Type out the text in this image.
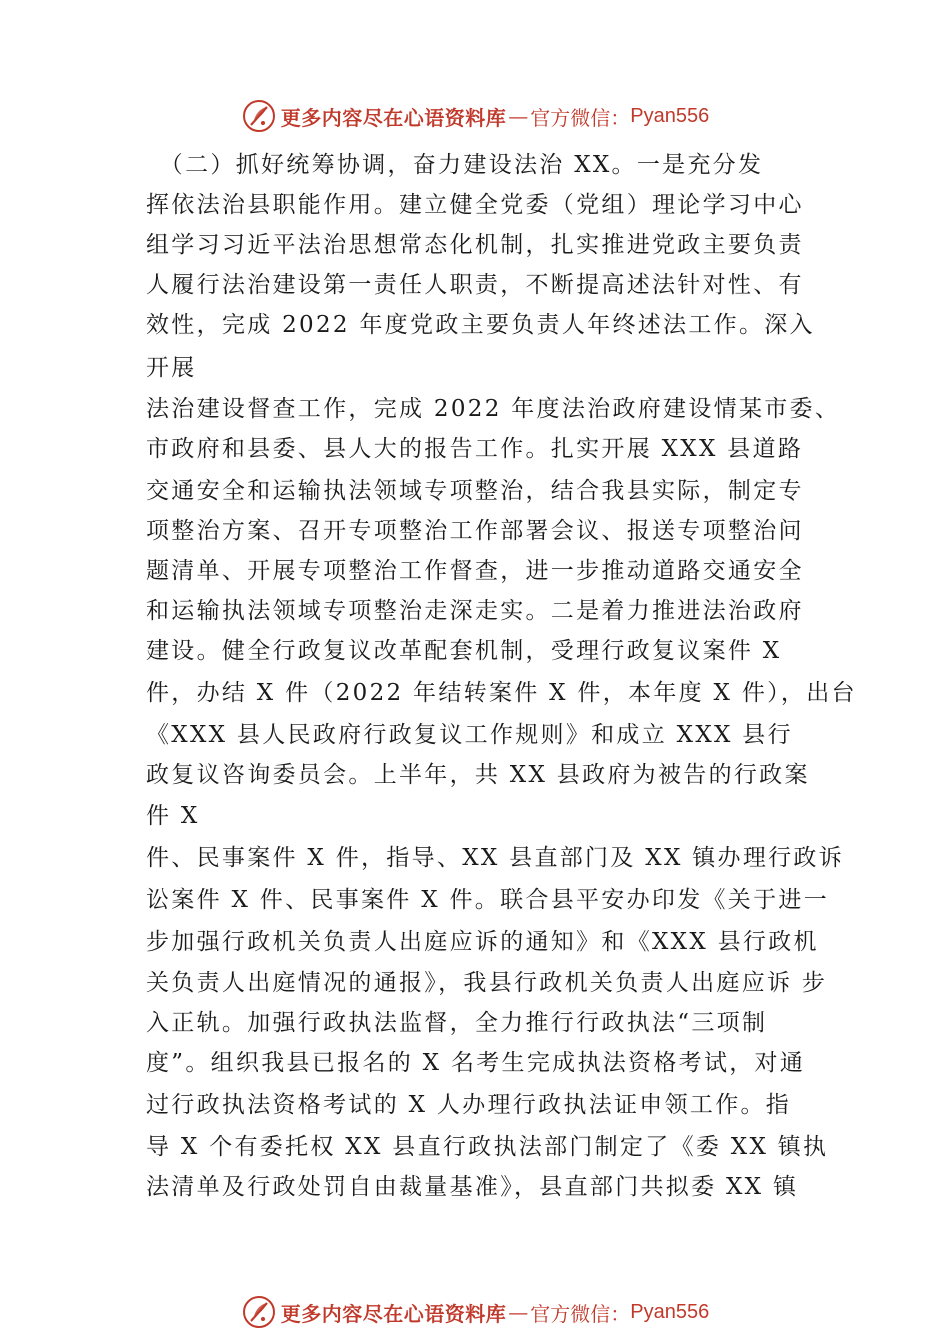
更多内容尽在心语资料库 — 官方微信： Pyan556
　（二）抓好统筹协调，奋力建设法治 XX。一是充分发
挥依法治县职能作用。建立健全党委（党组）理论学习中心
组学习习近平法治思想常态化机制，扎实推进党政主要负责
人履行法治建设第一责任人职责，不断提高述法针对性、有
效性，完成 2022 年度党政主要负责人年终述法工作。深入
开展
法治建设督查工作，完成 2022 年度法治政府建设情某市委、
市政府和县委、县人大的报告工作。扎实开展 XXX 县道路
交通安全和运输执法领域专项整治，结合我县实际，制定专
项整治方案、召开专项整治工作部署会议、报送专项整治问
题清单、开展专项整治工作督查，进一步推动道路交通安全
和运输执法领域专项整治走深走实。二是着力推进法治政府
建设。健全行政复议改革配套机制，受理行政复议案件 X
件，办结 X 件（2022 年结转案件 X 件，本年度 X 件），出台
《XXX 县人民政府行政复议工作规则》和成立 XXX 县行
政复议咨询委员会。上半年，共 XX 县政府为被告的行政案
件 X
件、民事案件 X 件，指导、XX 县直部门及 XX 镇办理行政诉
讼案件 X 件、民事案件 X 件。联合县平安办印发《关于进一
步加强行政机关负责人出庭应诉的通知》和《XXX 县行政机
关负责人出庭情况的通报》，我县行政机关负责人出庭应诉 步
入正轨。加强行政执法监督，全力推行行政执法“三项制
度”。组织我县已报名的 X 名考生完成执法资格考试，对通
过行政执法资格考试的 X 人办理行政执法证申领工作。指
导 X 个有委托权 XX 县直行政执法部门制定了《委 XX 镇执
法清单及行政处罚自由裁量基准》，县直部门共拟委 XX 镇
更多内容尽在心语资料库 — 官方微信： Pyan556
